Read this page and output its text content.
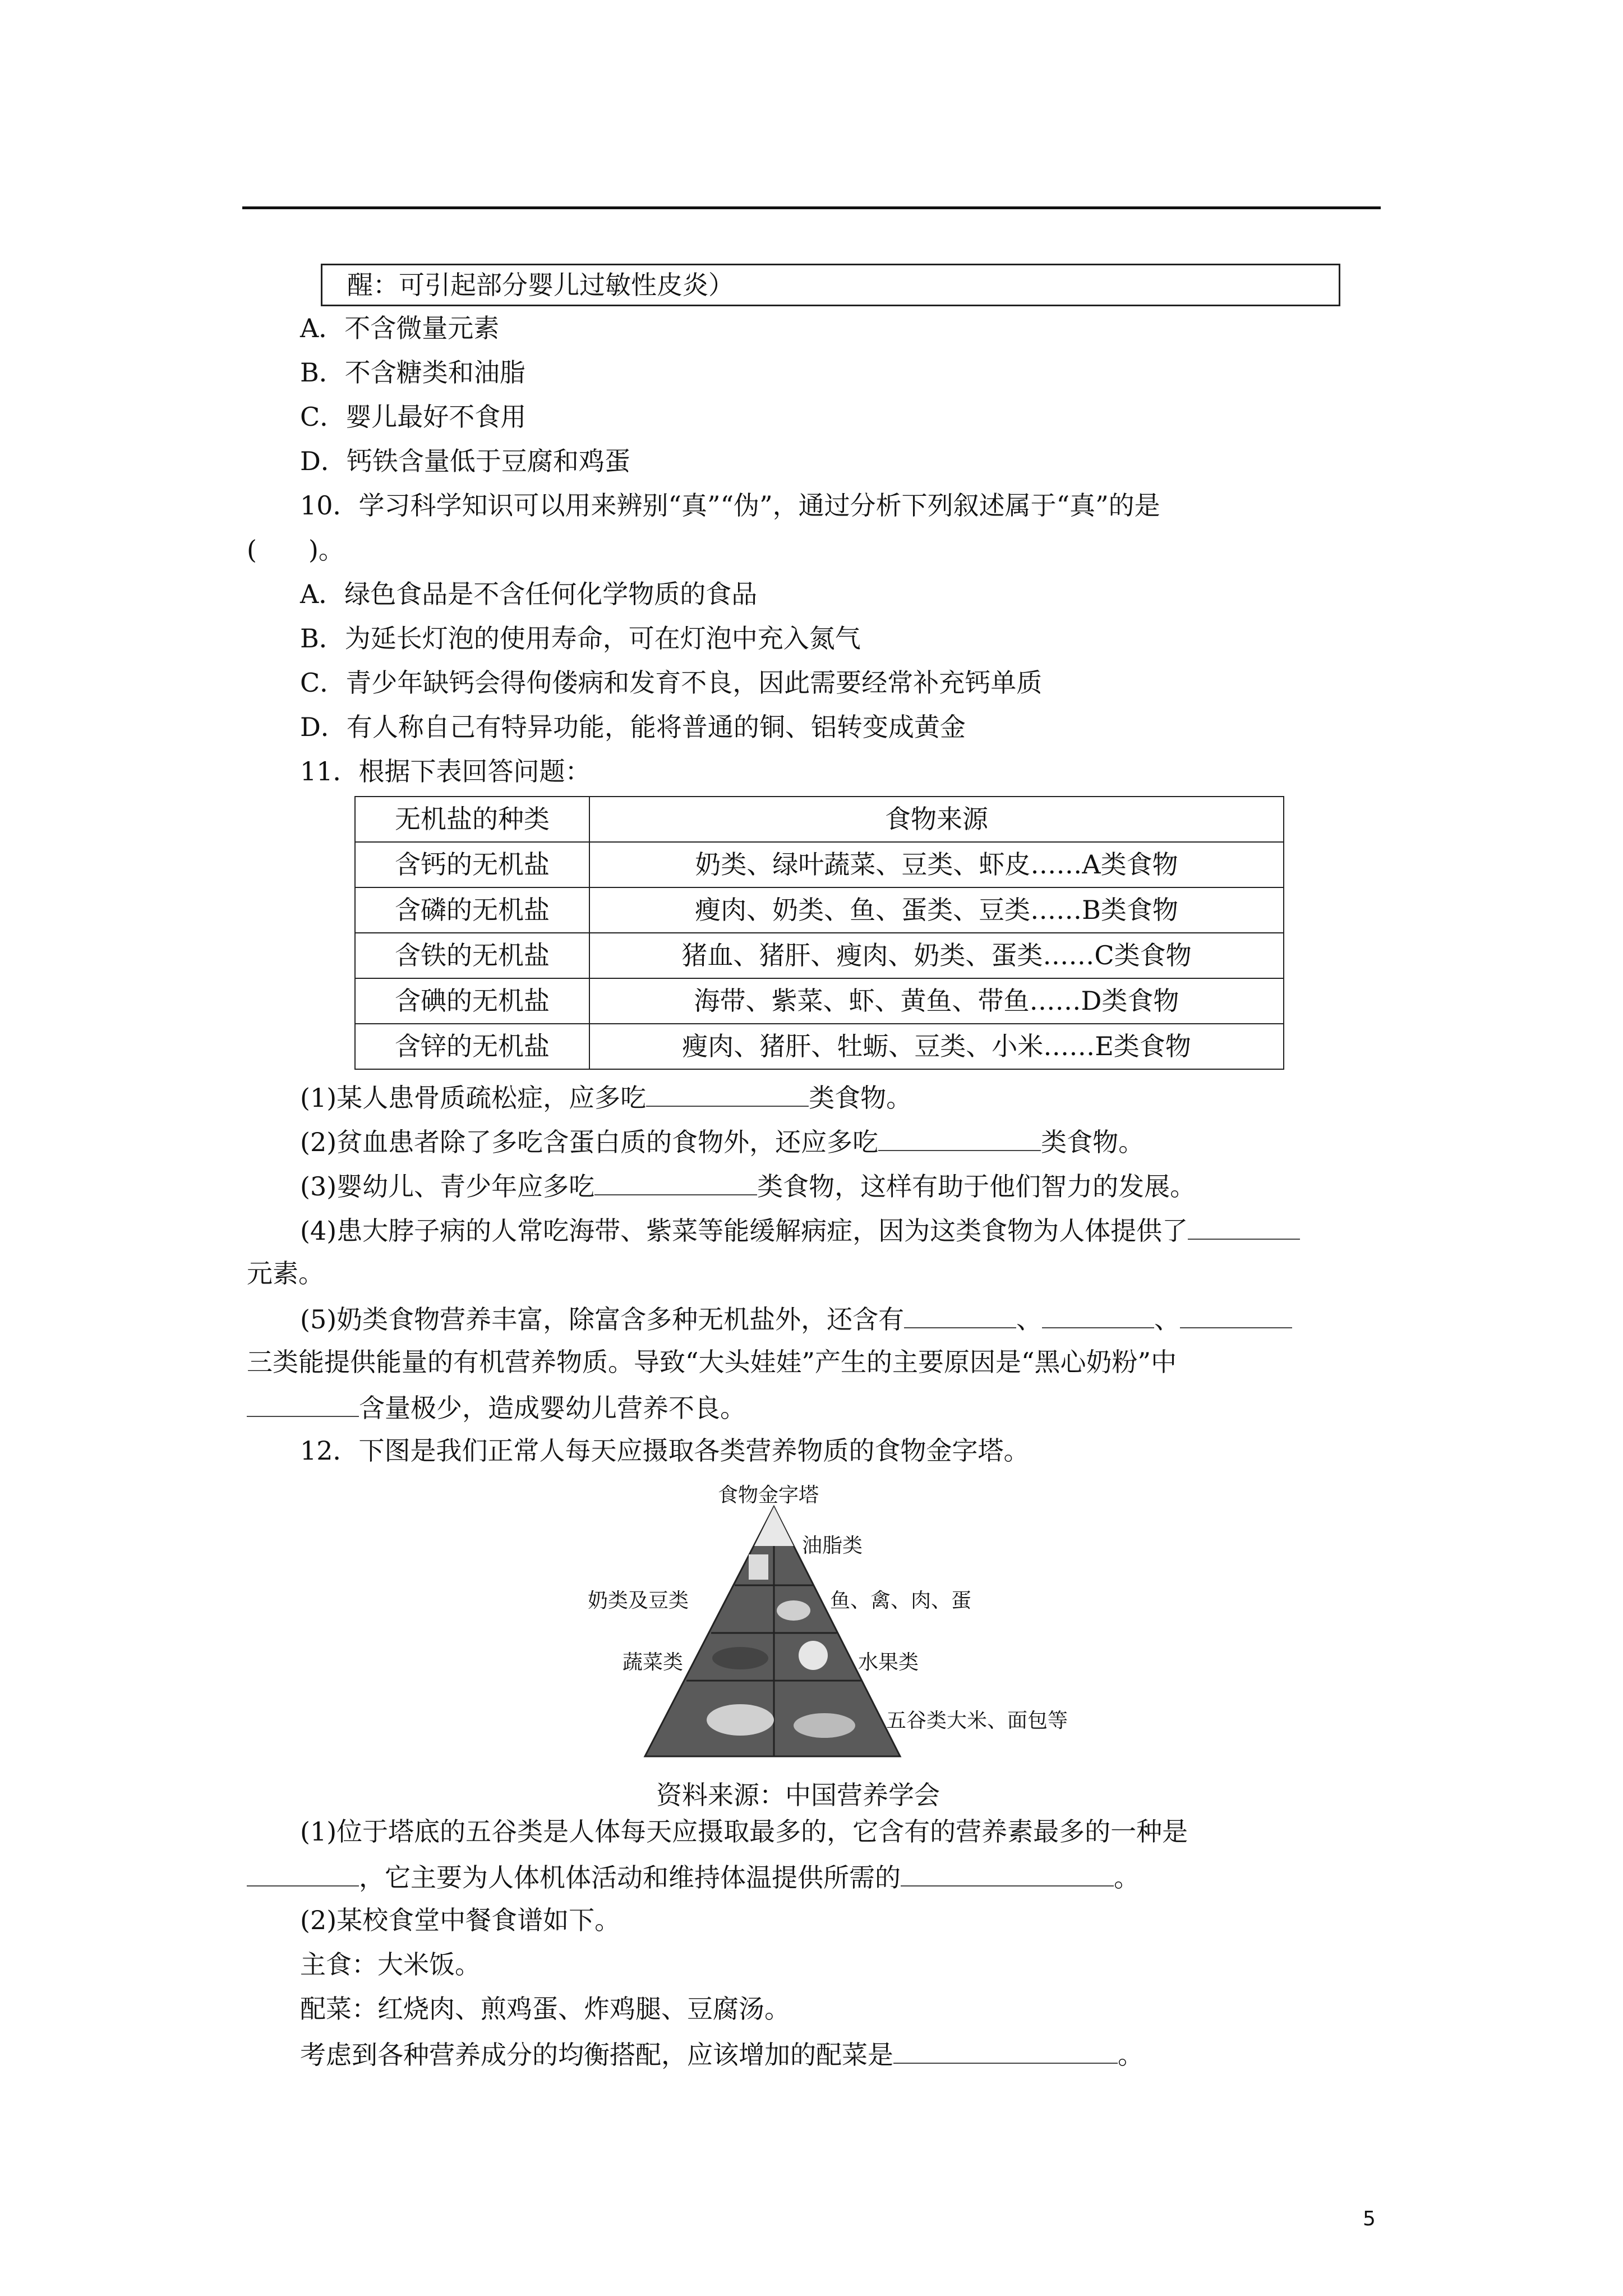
醒：可引起部分婴儿过敏性皮炎）
A．不含微量元素
B．不含糖类和油脂
C．婴儿最好不食用
D．钙铁含量低于豆腐和鸡蛋
10．学习科学知识可以用来辨别“真”“伪”，通过分析下列叙述属于“真”的是
(　　)。
A．绿色食品是不含任何化学物质的食品
B．为延长灯泡的使用寿命，可在灯泡中充入氮气
C．青少年缺钙会得佝偻病和发育不良，因此需要经常补充钙单质
D．有人称自己有特异功能，能将普通的铜、铝转变成黄金
11．根据下表回答问题：
无机盐的种类	食物来源
含钙的无机盐	奶类、绿叶蔬菜、豆类、虾皮……A类食物
含磷的无机盐	瘦肉、奶类、鱼、蛋类、豆类……B类食物
含铁的无机盐	猪血、猪肝、瘦肉、奶类、蛋类……C类食物
含碘的无机盐	海带、紫菜、虾、黄鱼、带鱼……D类食物
含锌的无机盐	瘦肉、猪肝、牡蛎、豆类、小米……E类食物
(1)某人患骨质疏松症，应多吃	类食物。
(2)贫血患者除了多吃含蛋白质的食物外，还应多吃	类食物。
(3)婴幼儿、青少年应多吃	类食物，这样有助于他们智力的发展。
(4)患大脖子病的人常吃海带、紫菜等能缓解病症，因为这类食物为人体提供了
元素。
(5)奶类食物营养丰富，除富含多种无机盐外，还含有	、	、
三类能提供能量的有机营养物质。导致“大头娃娃”产生的主要原因是“黑心奶粉”中
含量极少，造成婴幼儿营养不良。
12．下图是我们正常人每天应摄取各类营养物质的食物金字塔。
食物金字塔
油脂类
奶类及豆类	鱼、禽、肉、蛋
蔬菜类	水果类
五谷类大米、面包等
资料来源：中国营养学会
(1)位于塔底的五谷类是人体每天应摄取最多的，它含有的营养素最多的一种是
，它主要为人体机体活动和维持体温提供所需的	。
(2)某校食堂中餐食谱如下。
主食：大米饭。
配菜：红烧肉、煎鸡蛋、炸鸡腿、豆腐汤。
考虑到各种营养成分的均衡搭配，应该增加的配菜是	。
5
